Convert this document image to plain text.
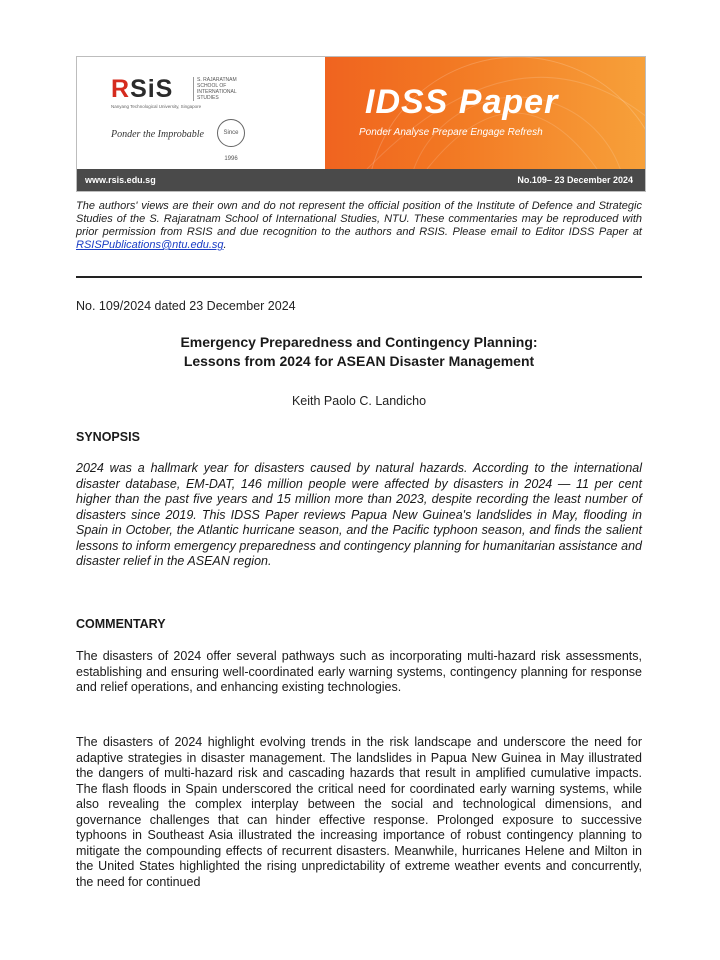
RSiS	S. RAJARATNAM SCHOOL OF INTERNATIONAL STUDIES
Nanyang Technological University, Singapore
Ponder the Improbable	Since 1996
IDSS Paper
Ponder Analyse Prepare Engage Refresh
www.rsis.edu.sg	No.109– 23 December 2024
The authors' views are their own and do not represent the official position of the Institute of Defence and Strategic Studies of the S. Rajaratnam School of International Studies, NTU. These commentaries may be reproduced with prior permission from RSIS and due recognition to the authors and RSIS. Please email to Editor IDSS Paper at RSISPublications@ntu.edu.sg.
No. 109/2024 dated 23 December 2024
Emergency Preparedness and Contingency Planning:
Lessons from 2024 for ASEAN Disaster Management
Keith Paolo C. Landicho
SYNOPSIS

2024 was a hallmark year for disasters caused by natural hazards. According to the international disaster database, EM-DAT, 146 million people were affected by disasters in 2024 — 11 per cent higher than the past five years and 15 million more than 2023, despite recording the least number of disasters since 2019. This IDSS Paper reviews Papua New Guinea's landslides in May, flooding in Spain in October, the Atlantic hurricane season, and the Pacific typhoon season, and finds the salient lessons to inform emergency preparedness and contingency planning for humanitarian assistance and disaster relief in the ASEAN region.

COMMENTARY

The disasters of 2024 offer several pathways such as incorporating multi-hazard risk assessments, establishing and ensuring well-coordinated early warning systems, contingency planning for response and relief operations, and enhancing existing technologies.

The disasters of 2024 highlight evolving trends in the risk landscape and underscore the need for adaptive strategies in disaster management. The landslides in Papua New Guinea in May illustrated the dangers of multi-hazard risk and cascading hazards that result in amplified cumulative impacts. The flash floods in Spain underscored the critical need for coordinated early warning systems, while also revealing the complex interplay between the social and technological dimensions, and governance challenges that can hinder effective response. Prolonged exposure to successive typhoons in Southeast Asia illustrated the increasing importance of robust contingency planning to mitigate the compounding effects of recurrent disasters. Meanwhile, hurricanes Helene and Milton in the United States highlighted the rising unpredictability of extreme weather events and concurrently, the need for continued
